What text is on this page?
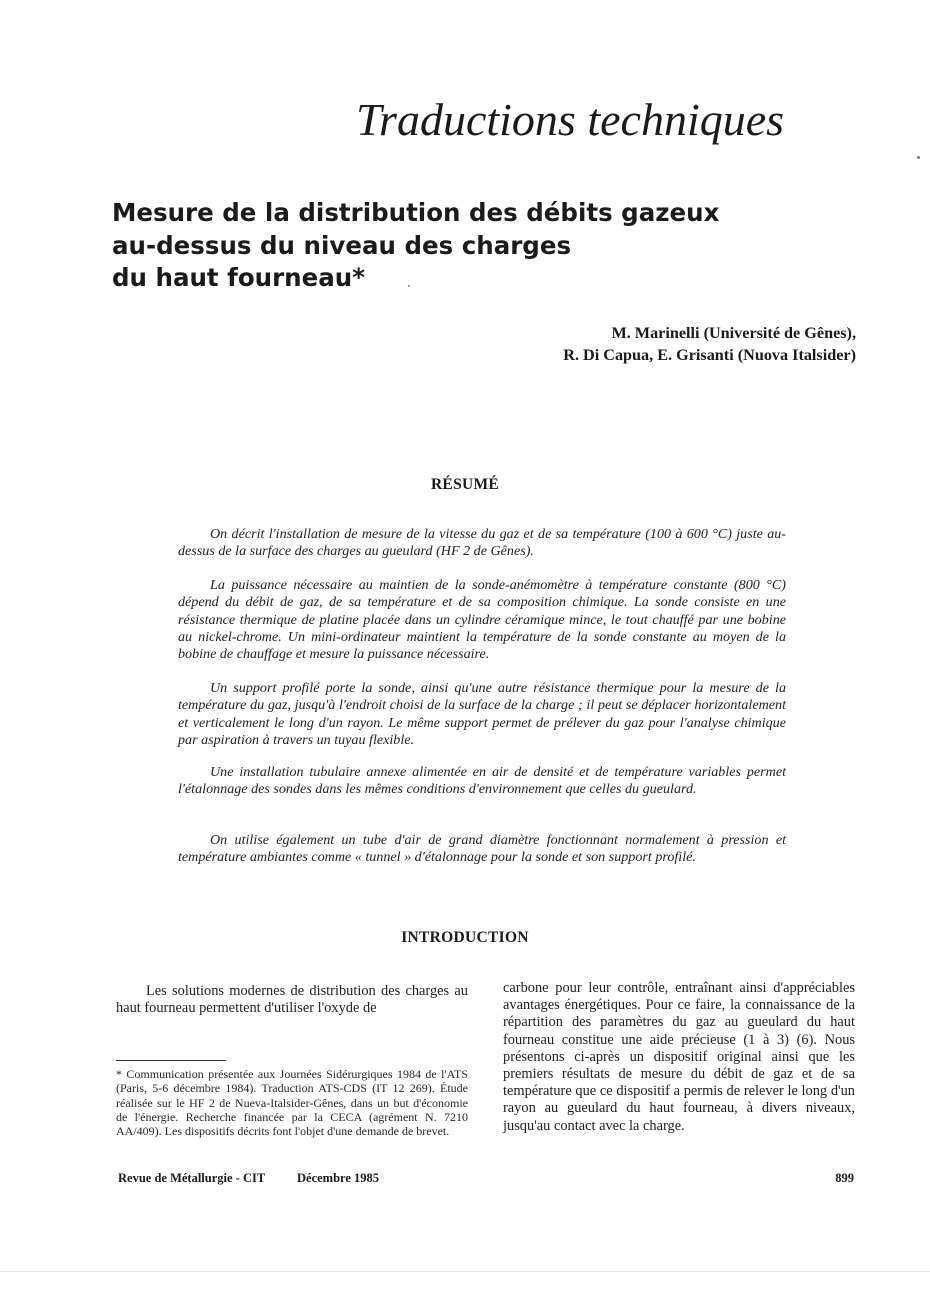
Traductions techniques
Mesure de la distribution des débits gazeux
au-dessus du niveau des charges
du haut fourneau*
M. Marinelli (Université de Gênes),
R. Di Capua, E. Grisanti (Nuova Italsider)
RÉSUMÉ
On décrit l'installation de mesure de la vitesse du gaz et de sa température (100 à 600 °C) juste au-dessus de la surface des charges au gueulard (HF 2 de Gênes).
La puissance nécessaire au maintien de la sonde-anémomètre à température constante (800 °C) dépend du débit de gaz, de sa température et de sa composition chimique. La sonde consiste en une résistance thermique de platine placée dans un cylindre céramique mince, le tout chauffé par une bobine au nickel-chrome. Un mini-ordinateur maintient la température de la sonde constante au moyen de la bobine de chauffage et mesure la puissance nécessaire.
Un support profilé porte la sonde, ainsi qu'une autre résistance thermique pour la mesure de la température du gaz, jusqu'à l'endroit choisi de la surface de la charge ; il peut se déplacer horizontalement et verticalement le long d'un rayon. Le même support permet de prélever du gaz pour l'analyse chimique par aspiration à travers un tuyau flexible.
Une installation tubulaire annexe alimentée en air de densité et de température variables permet l'étalonnage des sondes dans les mêmes conditions d'environnement que celles du gueulard.
On utilise également un tube d'air de grand diamètre fonctionnant normalement à pression et température ambiantes comme « tunnel » d'étalonnage pour la sonde et son support profilé.
INTRODUCTION
Les solutions modernes de distribution des charges au haut fourneau permettent d'utiliser l'oxyde de
carbone pour leur contrôle, entraînant ainsi d'appréciables avantages énergétiques. Pour ce faire, la connaissance de la répartition des paramètres du gaz au gueulard du haut fourneau constitue une aide précieuse (1 à 3) (6). Nous présentons ci-après un dispositif original ainsi que les premiers résultats de mesure du débit de gaz et de sa température que ce dispositif a permis de relever le long d'un rayon au gueulard du haut fourneau, à divers niveaux, jusqu'au contact avec la charge.
* Communication présentée aux Journées Sidérurgiques 1984 de l'ATS (Paris, 5-6 décembre 1984). Traduction ATS-CDS (IT 12 269). Étude réalisée sur le HF 2 de Nueva-Italsider-Gênes, dans un but d'économie de l'énergie. Recherche financée par la CECA (agrément N. 7210 AA/409). Les dispositifs décrits font l'objet d'une demande de brevet.
Revue de Métallurgie - CIT	Décembre 1985	899
